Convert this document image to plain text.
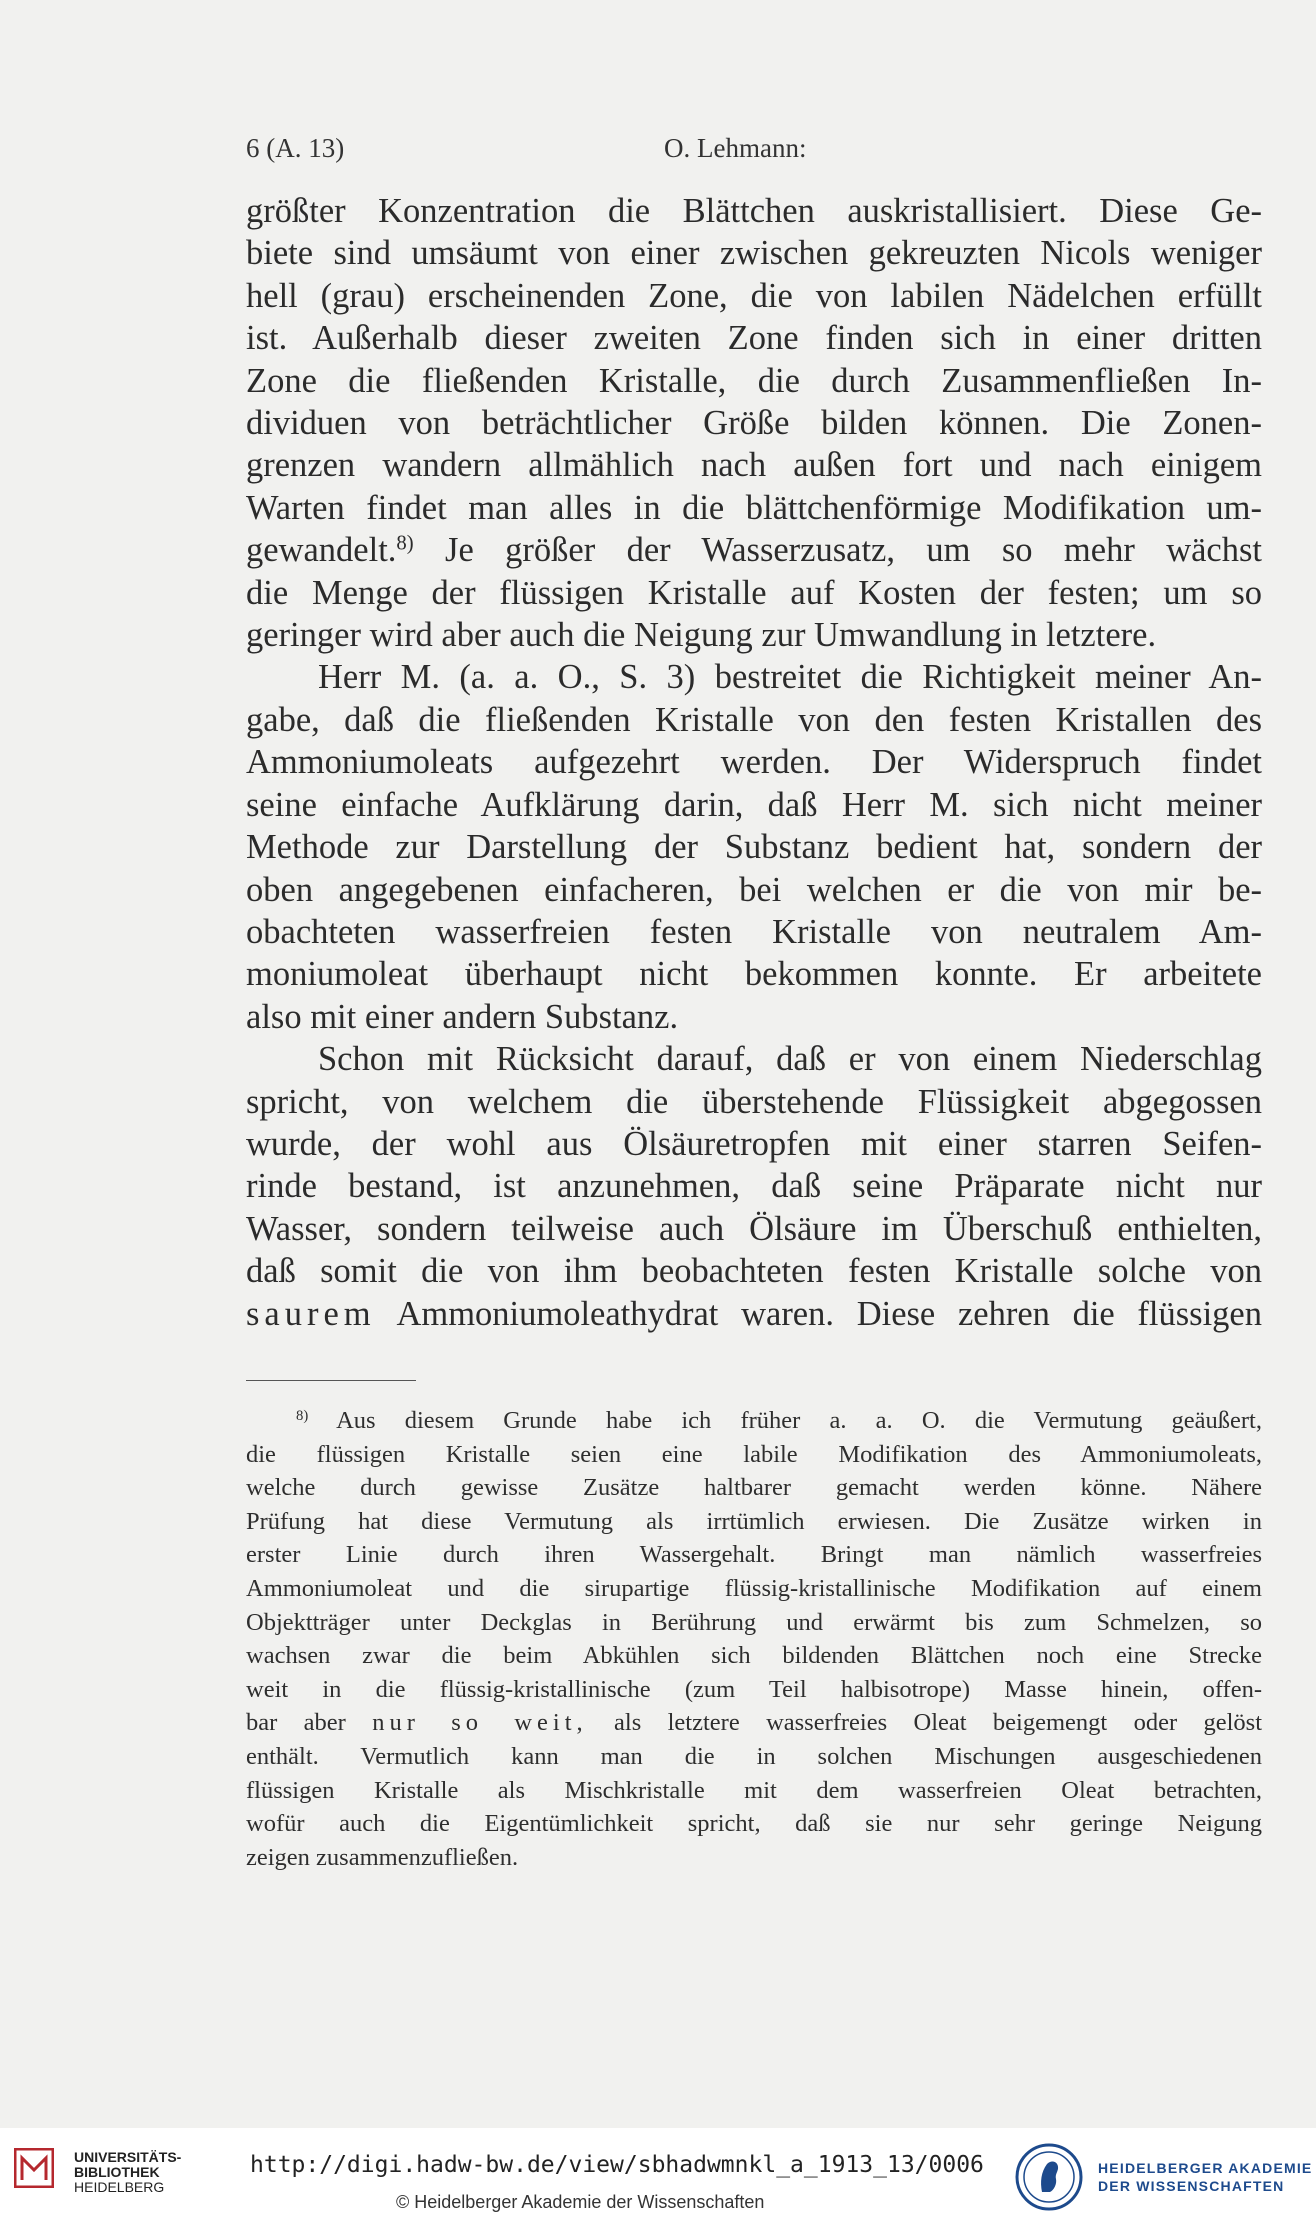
6 (A. 13)	O. Lehmann:
größter Konzentration die Blättchen auskristallisiert. Diese Ge-
biete sind umsäumt von einer zwischen gekreuzten Nicols weniger
hell (grau) erscheinenden Zone, die von labilen Nädelchen erfüllt
ist. Außerhalb dieser zweiten Zone finden sich in einer dritten
Zone die fließenden Kristalle, die durch Zusammenfließen In-
dividuen von beträchtlicher Größe bilden können. Die Zonen-
grenzen wandern allmählich nach außen fort und nach einigem
Warten findet man alles in die blättchenförmige Modifikation um-
gewandelt.$^{8)}$ Je größer der Wasserzusatz, um so mehr wächst
die Menge der flüssigen Kristalle auf Kosten der festen; um so
geringer wird aber auch die Neigung zur Umwandlung in letztere.
Herr M. (a. a. O., S. 3) bestreitet die Richtigkeit meiner An-
gabe, daß die fließenden Kristalle von den festen Kristallen des
Ammoniumoleats aufgezehrt werden. Der Widerspruch findet
seine einfache Aufklärung darin, daß Herr M. sich nicht meiner
Methode zur Darstellung der Substanz bedient hat, sondern der
oben angegebenen einfacheren, bei welchen er die von mir be-
obachteten wasserfreien festen Kristalle von neutralem Am-
moniumoleat überhaupt nicht bekommen konnte. Er arbeitete
also mit einer andern Substanz.
Schon mit Rücksicht darauf, daß er von einem Niederschlag
spricht, von welchem die überstehende Flüssigkeit abgegossen
wurde, der wohl aus Ölsäuretropfen mit einer starren Seifen-
rinde bestand, ist anzunehmen, daß seine Präparate nicht nur
Wasser, sondern teilweise auch Ölsäure im Überschuß enthielten,
daß somit die von ihm beobachteten festen Kristalle solche von
saurem Ammoniumoleathydrat waren. Diese zehren die flüssigen
$^{8)}$ Aus diesem Grunde habe ich früher a. a. O. die Vermutung geäußert,
die flüssigen Kristalle seien eine labile Modifikation des Ammoniumoleats,
welche durch gewisse Zusätze haltbarer gemacht werden könne. Nähere
Prüfung hat diese Vermutung als irrtümlich erwiesen. Die Zusätze wirken in
erster Linie durch ihren Wassergehalt. Bringt man nämlich wasserfreies
Ammoniumoleat und die sirupartige flüssig-kristallinische Modifikation auf einem
Objektträger unter Deckglas in Berührung und erwärmt bis zum Schmelzen, so
wachsen zwar die beim Abkühlen sich bildenden Blättchen noch eine Strecke
weit in die flüssig-kristallinische (zum Teil halbisotrope) Masse hinein, offen-
bar aber nur so weit, als letztere wasserfreies Oleat beigemengt oder gelöst
enthält. Vermutlich kann man die in solchen Mischungen ausgeschiedenen
flüssigen Kristalle als Mischkristalle mit dem wasserfreien Oleat betrachten,
wofür auch die Eigentümlichkeit spricht, daß sie nur sehr geringe Neigung
zeigen zusammenzufließen.
UNIVERSITÄTS-
BIBLIOTHEK
HEIDELBERG
http://digi.hadw-bw.de/view/sbhadwmnkl_a_1913_13/0006
© Heidelberger Akademie der Wissenschaften
HEIDELBERGER AKADEMIE
DER WISSENSCHAFTEN
